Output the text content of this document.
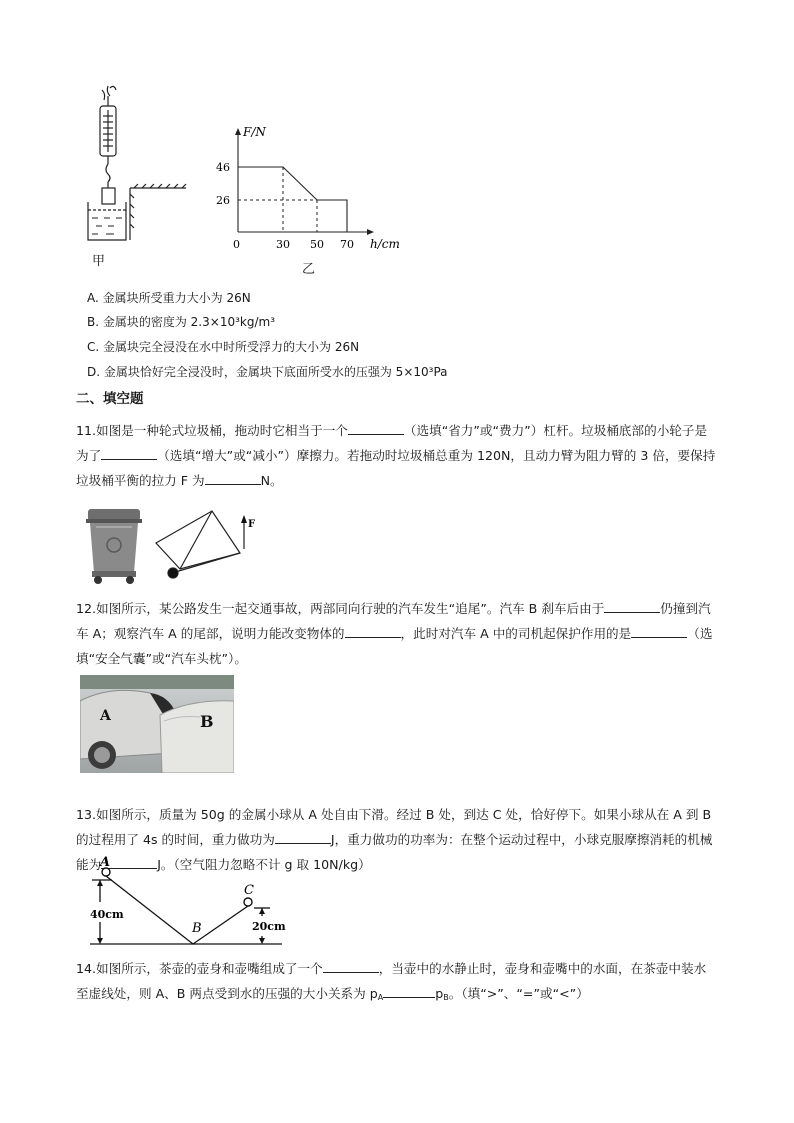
甲
F/N
h/cm
46
26
0	30 50 70
乙
A. 金属块所受重力大小为 26N
B. 金属块的密度为 2.3×10³kg/m³
C. 金属块完全浸没在水中时所受浮力的大小为 26N
D. 金属块恰好完全浸没时，金属块下底面所受水的压强为 5×10³Pa
二、填空题
11.如图是一种轮式垃圾桶，拖动时它相当于一个	（选填“省力”或“费力”）杠杆。垃圾桶底部的小轮子是为了	（选填“增大”或“减小”）摩擦力。若拖动时垃圾桶总重为 120N，且动力臂为阻力臂的 3 倍，要保持垃圾桶平衡的拉力 F 为	N。
F
12.如图所示，某公路发生一起交通事故，两部同向行驶的汽车发生“追尾”。汽车 B 刹车后由于	仍撞到汽车 A；观察汽车 A 的尾部，说明力能改变物体的	，此时对汽车 A 中的司机起保护作用的是	（选填“安全气囊”或“汽车头枕”）。
A	B
13.如图所示，质量为 50g 的金属小球从 A 处自由下滑。经过 B 处，到达 C 处，恰好停下。如果小球从在 A 到 B 的过程用了 4s 的时间，重力做功为	J，重力做功的功率为：在整个运动过程中，小球克服摩擦消耗的机械能为	J。（空气阻力忽略不计 g 取 10N/kg）
A
B
C
40cm
20cm
14.如图所示，茶壶的壶身和壶嘴组成了一个	，当壶中的水静止时，壶身和壶嘴中的水面，在茶壶中装水至虚线处，则 A、B 两点受到水的压强的大小关系为 $p_A$	$p_B$。（填“>”、“=”或“<”）
